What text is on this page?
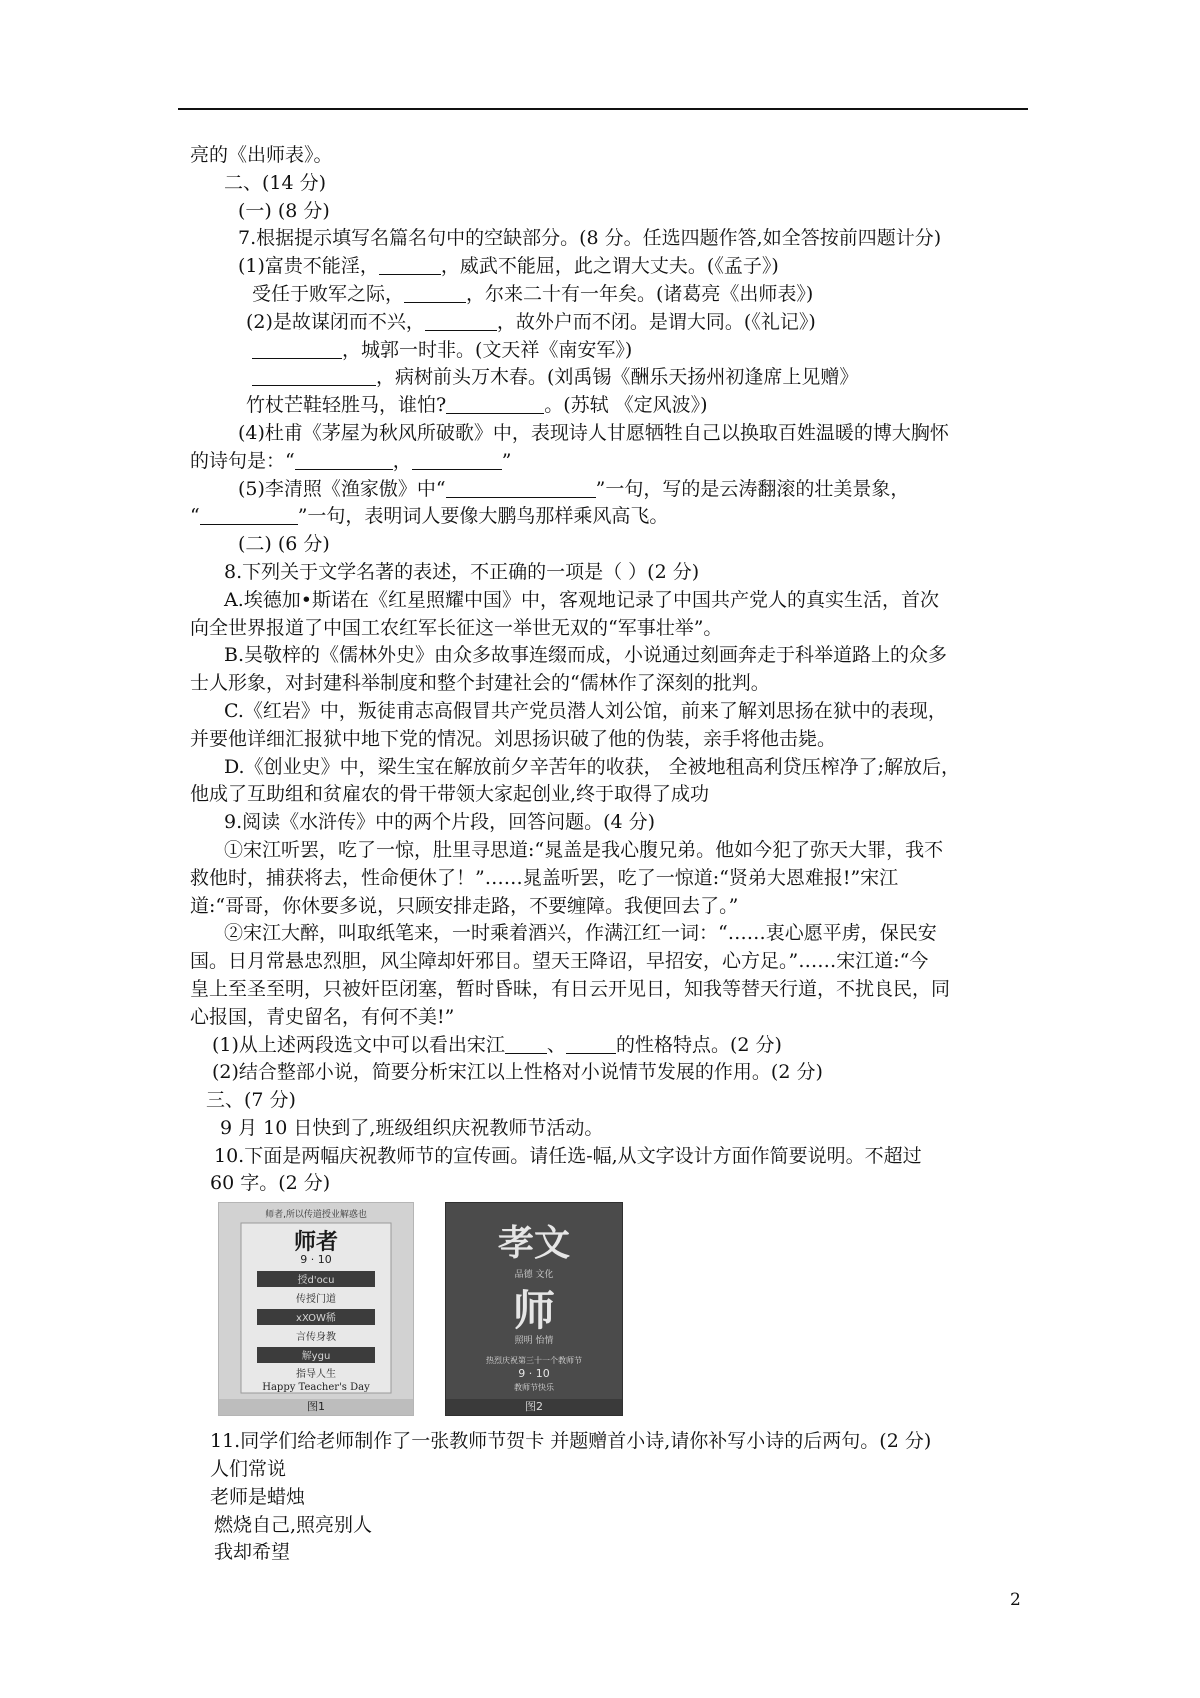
亮的《出师表》。
二、(14 分)
(一) (8 分)
7.根据提示填写名篇名句中的空缺部分。(8 分。任选四题作答,如全答按前四题计分)
(1)富贵不能淫，	，威武不能屈，此之谓大丈夫。(《孟子》)
受任于败军之际，	，尔来二十有一年矣。(诸葛亮《出师表》)
(2)是故谋闭而不兴，	，故外户而不闭。是谓大同。(《礼记》)
，城郭一时非。(文天祥《南安军》)
，病树前头万木春。(刘禹锡《酬乐天扬州初逢席上见赠》
竹杖芒鞋轻胜马，谁怕?	。(苏轼 《定风波》)
(4)杜甫《茅屋为秋风所破歌》中，表现诗人甘愿牺牲自己以换取百姓温暖的博大胸怀
的诗句是：“	，	”
(5)李清照《渔家傲》中“	”一句，写的是云涛翻滚的壮美景象，
“	”一句，表明词人要像大鹏鸟那样乘风高飞。
(二) (6 分)
8.下列关于文学名著的表述，不正确的一项是（ ）(2 分)
A.埃德加•斯诺在《红星照耀中国》中，客观地记录了中国共产党人的真实生活，首次
向全世界报道了中国工农红军长征这一举世无双的“军事壮举”。
B.吴敬梓的《儒林外史》由众多故事连缀而成，小说通过刻画奔走于科举道路上的众多
士人形象，对封建科举制度和整个封建社会的“儒林作了深刻的批判。
C.《红岩》中，叛徒甫志高假冒共产党员潜人刘公馆，前来了解刘思扬在狱中的表现，
并要他详细汇报狱中地下党的情况。刘思扬识破了他的伪装，亲手将他击毙。
D.《创业史》中，梁生宝在解放前夕辛苦年的收获， 全被地租高利贷压榨净了;解放后，
他成了互助组和贫雇农的骨干带领大家起创业,终于取得了成功
9.阅读《水浒传》中的两个片段，回答问题。(4 分)
①宋江听罢，吃了一惊，肚里寻思道:“晁盖是我心腹兄弟。他如今犯了弥天大罪，我不
救他时，捕获将去，性命便休了！”……晁盖听罢，吃了一惊道:“贤弟大恩难报!”宋江
道:“哥哥，你休要多说，只顾安排走路，不要缠障。我便回去了。”
②宋江大醉，叫取纸笔来，一时乘着酒兴，作满江红一词：“……衷心愿平虏，保民安
国。日月常悬忠烈胆，风尘障却奸邪目。望天王降诏，早招安，心方足。”……宋江道:“今
皇上至圣至明，只被奸臣闭塞，暂时昏昧，有日云开见日，知我等替天行道，不扰良民，同
心报国，青史留名，有何不美!”
(1)从上述两段选文中可以看出宋江 、	的性格特点。(2 分)
(2)结合整部小说，简要分析宋江以上性格对小说情节发展的作用。(2 分)
三、(7 分)
9 月 10 日快到了,班级组织庆祝教师节活动。
10.下面是两幅庆祝教师节的宣传画。请任选-幅,从文字设计方面作简要说明。不超过
60 字。(2 分)
师者,所以传道授业解惑也
师者
9 · 10
授d'ocu
传授门道
xXOW稀
言传身教
解ygu
指导人生
Happy Teacher's Day
图1
孝文
品德 文化
师
照明 怡情
热烈庆祝第三十一个教师节
9 · 10
教师节快乐
图2
11.同学们给老师制作了一张教师节贺卡 并题赠首小诗,请你补写小诗的后两句。(2 分)
人们常说
老师是蜡烛
燃烧自己,照亮别人
我却希望
2
